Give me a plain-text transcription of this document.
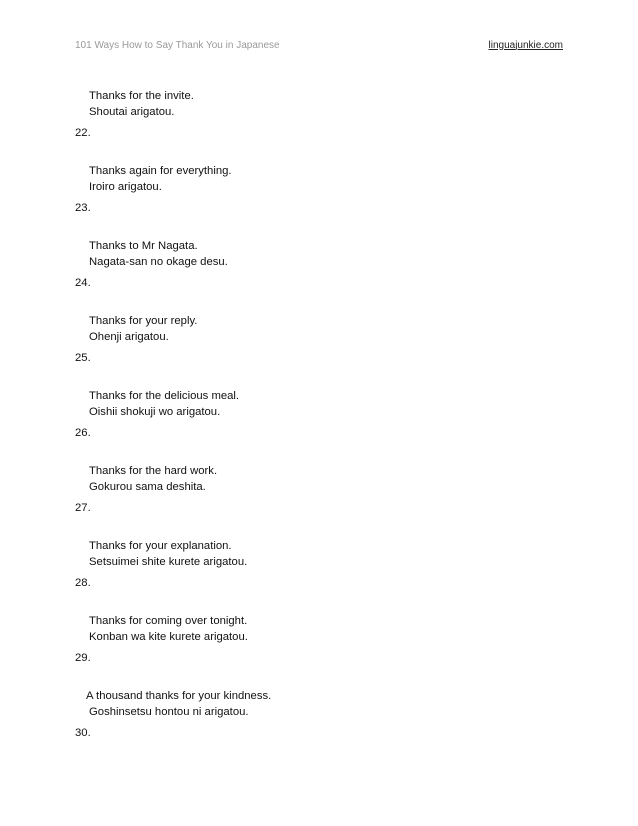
101 Ways How to Say Thank You in Japanese	linguajunkie.com
Thanks for the invite.
Shoutai arigatou.
22.
Thanks again for everything.
Iroiro arigatou.
23.
Thanks to Mr Nagata.
Nagata-san no okage desu.
24.
Thanks for your reply.
Ohenji arigatou.
25.
Thanks for the delicious meal.
Oishii shokuji wo arigatou.
26.
Thanks for the hard work.
Gokurou sama deshita.
27.
Thanks for your explanation.
Setsuimei shite kurete arigatou.
28.
Thanks for coming over tonight.
Konban wa kite kurete arigatou.
29.
A thousand thanks for your kindness.
Goshinsetsu hontou ni arigatou.
30.
